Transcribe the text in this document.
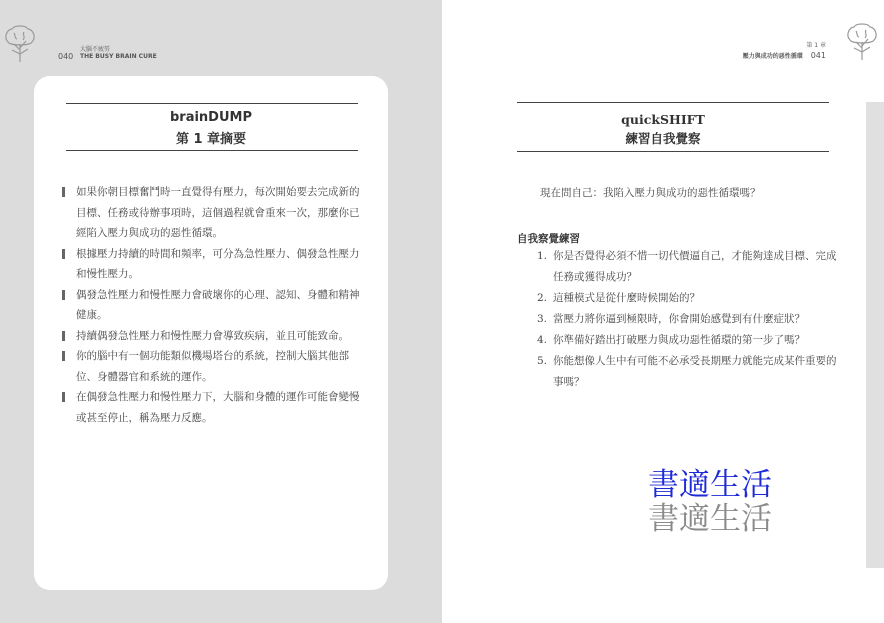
040
大腦不疲勞
THE BUSY BRAIN CURE
brainDUMP
第 1 章摘要
如果你朝目標奮鬥時一直覺得有壓力，每次開始要去完成新的目標、任務或待辦事項時，這個過程就會重來一次，那麼你已經陷入壓力與成功的惡性循環。
根據壓力持續的時間和頻率，可分為急性壓力、偶發急性壓力和慢性壓力。
偶發急性壓力和慢性壓力會破壞你的心理、認知、身體和精神健康。
持續偶發急性壓力和慢性壓力會導致疾病，並且可能致命。
你的腦中有一個功能類似機場塔台的系統，控制大腦其他部位、身體器官和系統的運作。
在偶發急性壓力和慢性壓力下，大腦和身體的運作可能會變慢或甚至停止，稱為壓力反應。
第 1 章
壓力與成功的惡性循環 041
quickSHIFT
練習自我覺察
現在問自己：我陷入壓力與成功的惡性循環嗎？
自我察覺練習
1. 你是否覺得必須不惜一切代價逼自己，才能夠達成目標、完成任務或獲得成功？
2. 這種模式是從什麼時候開始的？
3. 當壓力將你逼到極限時，你會開始感覺到有什麼症狀？
4. 你準備好踏出打破壓力與成功惡性循環的第一步了嗎？
5. 你能想像人生中有可能不必承受長期壓力就能完成某件重要的事嗎？
書適生活
書適生活
